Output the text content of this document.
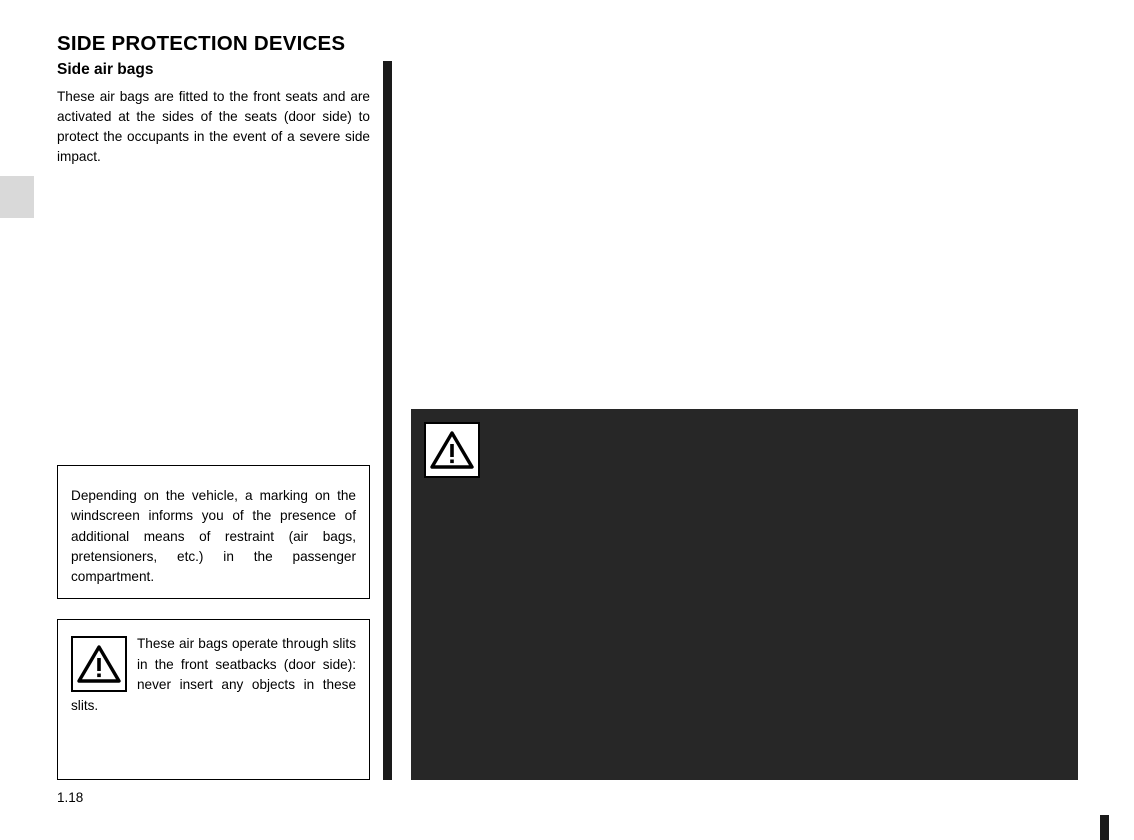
SIDE PROTECTION DEVICES
Side air bags

These air bags are fitted to the front seats and are activated at the sides of the seats (door side) to protect the occupants in the event of a severe side impact.

Depending on the vehicle, a marking on the windscreen informs you of the presence of additional means of restraint (air bags, pretensioners, etc.) in the passenger compartment.

These air bags operate through slits in the front seatbacks (door side): never insert any objects in these slits.

1.18
